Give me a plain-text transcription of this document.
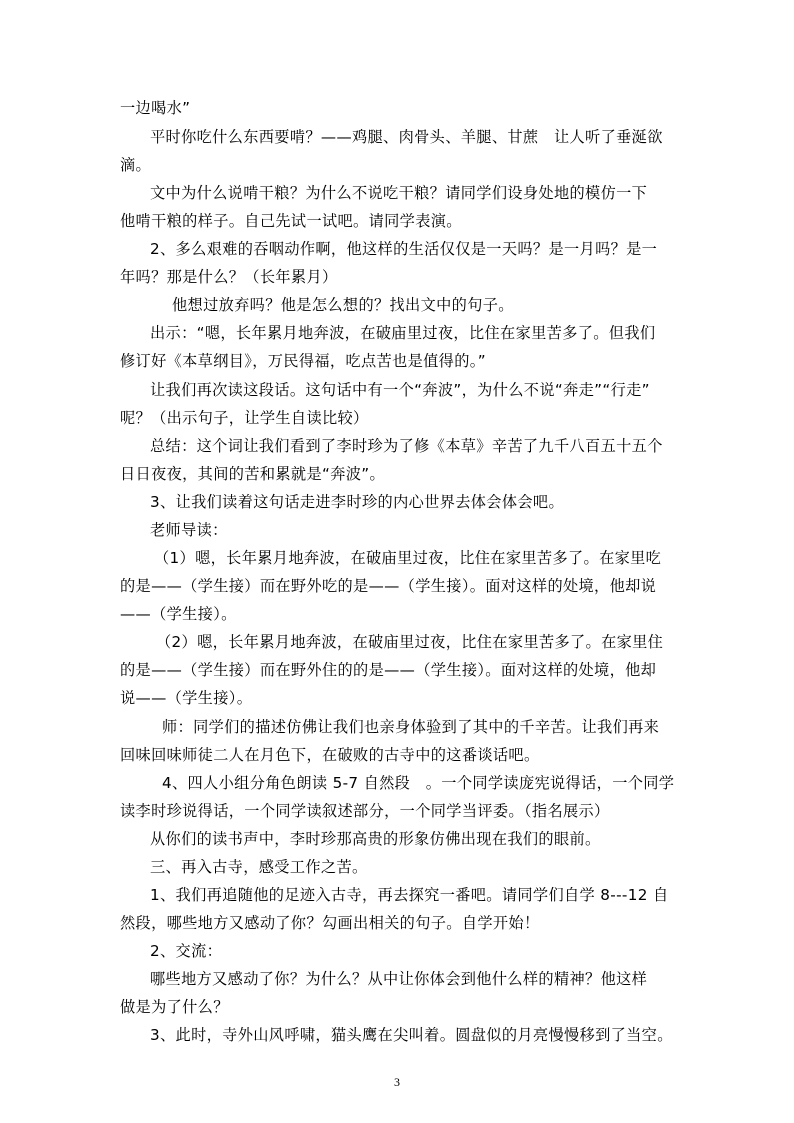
一边喝水”
平时你吃什么东西要啃？——鸡腿、肉骨头、羊腿、甘蔗　让人听了垂涎欲
滴。
文中为什么说啃干粮？为什么不说吃干粮？请同学们设身处地的模仿一下
他啃干粮的样子。自己先试一试吧。请同学表演。
2、多么艰难的吞咽动作啊，他这样的生活仅仅是一天吗？是一月吗？是一
年吗？那是什么？（长年累月）
他想过放弃吗？他是怎么想的？找出文中的句子。
出示：“嗯，长年累月地奔波，在破庙里过夜，比住在家里苦多了。但我们
修订好《本草纲目》，万民得福，吃点苦也是值得的。”
让我们再次读这段话。这句话中有一个“奔波”，为什么不说“奔走”“行走”
呢？（出示句子，让学生自读比较）
总结：这个词让我们看到了李时珍为了修《本草》辛苦了九千八百五十五个
日日夜夜，其间的苦和累就是“奔波”。
3、让我们读着这句话走进李时珍的内心世界去体会体会吧。
老师导读：
（1）嗯，长年累月地奔波，在破庙里过夜，比住在家里苦多了。在家里吃
的是——（学生接）而在野外吃的是——（学生接）。面对这样的处境，他却说
——（学生接）。
（2）嗯，长年累月地奔波，在破庙里过夜，比住在家里苦多了。在家里住
的是——（学生接）而在野外住的的是——（学生接）。面对这样的处境，他却
说——（学生接）。
师：同学们的描述仿佛让我们也亲身体验到了其中的千辛苦。让我们再来
回味回味师徒二人在月色下，在破败的古寺中的这番谈话吧。
4、四人小组分角色朗读 5-7 自然段　。一个同学读庞宪说得话，一个同学
读李时珍说得话，一个同学读叙述部分，一个同学当评委。（指名展示）
从你们的读书声中，李时珍那高贵的形象仿佛出现在我们的眼前。
三、再入古寺，感受工作之苦。
1、我们再追随他的足迹入古寺，再去探究一番吧。请同学们自学 8---12 自
然段，哪些地方又感动了你？勾画出相关的句子。自学开始！
2、交流：
哪些地方又感动了你？为什么？从中让你体会到他什么样的精神？他这样
做是为了什么？
3、此时，寺外山风呼啸，猫头鹰在尖叫着。圆盘似的月亮慢慢移到了当空。
3
